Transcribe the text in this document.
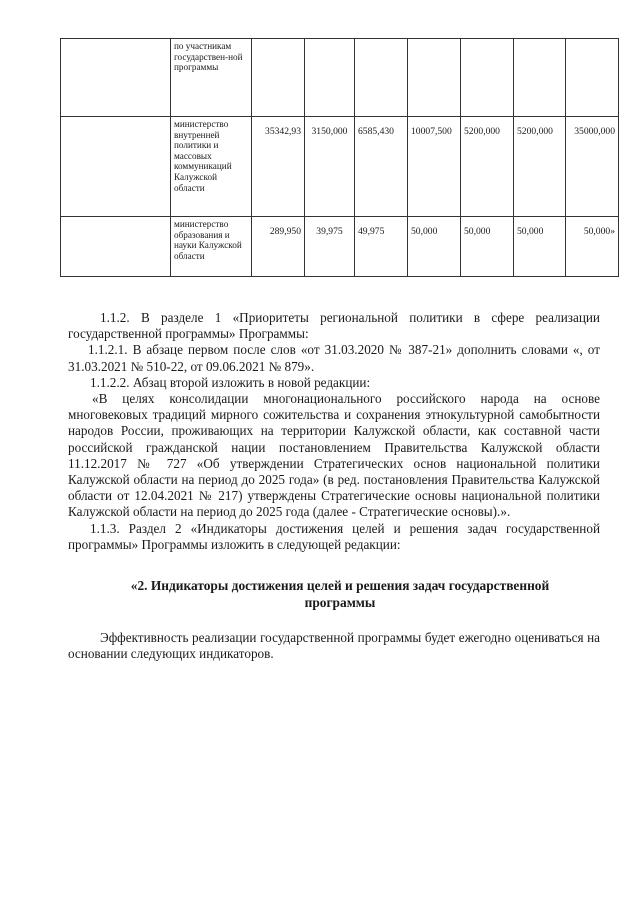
	по участникам государствен-ной программы							
	министерство внутренней политики и массовых коммуникаций Калужской области	35342,93	3150,000	6585,430	10007,500	5200,000	5200,000	35000,000
	министерство образования и науки Калужской области	289,950	39,975	49,975	50,000	50,000	50,000	50,000»

1.1.2. В разделе 1 «Приоритеты региональной политики в сфере реализации государственной программы» Программы:

1.1.2.1. В абзаце первом после слов «от 31.03.2020 № 387-21» дополнить словами «, от 31.03.2021 № 510-22, от 09.06.2021 № 879».

1.1.2.2. Абзац второй изложить в новой редакции:

«В целях консолидации многонационального российского народа на основе многовековых традиций мирного сожительства и сохранения этнокультурной самобытности народов России, проживающих на территории Калужской области, как составной части российской гражданской нации постановлением Правительства Калужской области 11.12.2017 № 727 «Об утверждении Стратегических основ национальной политики Калужской области на период до 2025 года» (в ред. постановления Правительства Калужской области от 12.04.2021 № 217) утверждены Стратегические основы национальной политики Калужской области на период до 2025 года (далее - Стратегические основы).».

1.1.3. Раздел 2 «Индикаторы достижения целей и решения задач государственной программы» Программы изложить в следующей редакции:

«2. Индикаторы достижения целей и решения задач государственной программы

Эффективность реализации государственной программы будет ежегодно оцениваться на основании следующих индикаторов.
